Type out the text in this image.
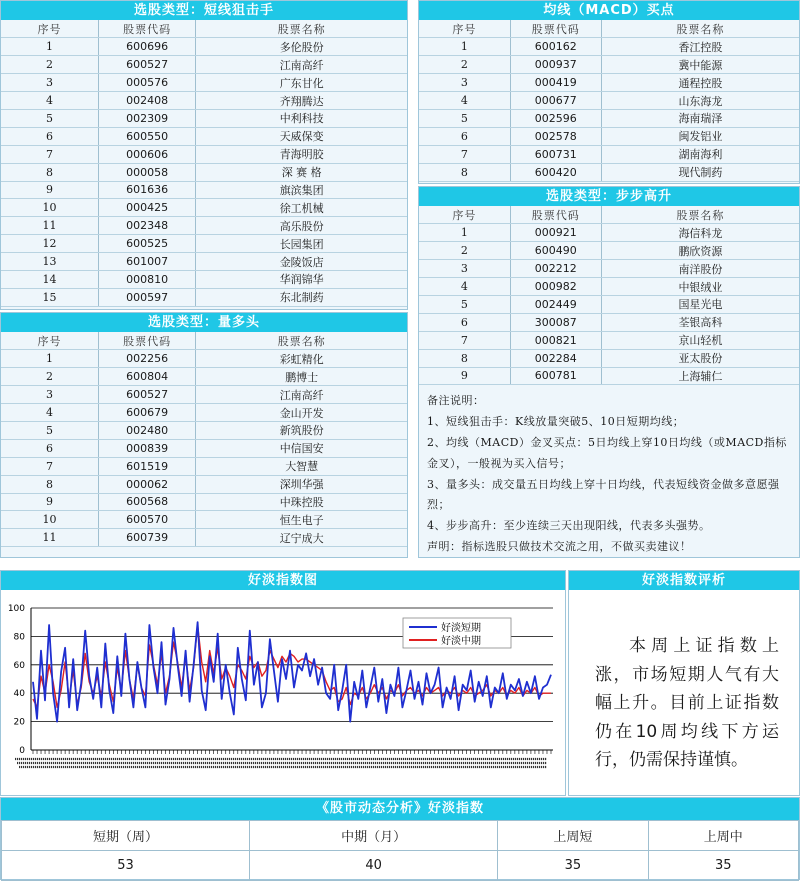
选股类型：短线狙击手
序号	股票代码	股票名称
1	600696	多伦股份
2	600527	江南高纤
3	000576	广东甘化
4	002408	齐翔腾达
5	002309	中利科技
6	600550	天威保变
7	000606	青海明胶
8	000058	深 赛 格
9	601636	旗滨集团
10	000425	徐工机械
11	002348	高乐股份
12	600525	长园集团
13	601007	金陵饭店
14	000810	华润锦华
15	000597	东北制药
选股类型：量多头
序号	股票代码	股票名称
1	002256	彩虹精化
2	600804	鹏博士
3	600527	江南高纤
4	600679	金山开发
5	002480	新筑股份
6	000839	中信国安
7	601519	大智慧
8	000062	深圳华强
9	600568	中珠控股
10	600570	恒生电子
11	600739	辽宁成大
均线（MACD）买点
序号	股票代码	股票名称
1	600162	香江控股
2	000937	冀中能源
3	000419	通程控股
4	000677	山东海龙
5	002596	海南瑞泽
6	002578	闽发铝业
7	600731	湖南海利
8	600420	现代制药
选股类型：步步高升
序号	股票代码	股票名称
1	000921	海信科龙
2	600490	鹏欣资源
3	002212	南洋股份
4	000982	中银绒业
5	002449	国星光电
6	300087	荃银高科
7	000821	京山轻机
8	002284	亚太股份
9	600781	上海辅仁
备注说明：
1、短线狙击手：K线放量突破5、10日短期均线；
2、均线（MACD）金叉买点：5日均线上穿10日均线（或MACD指标金叉），一般视为买入信号；
3、量多头：成交量五日均线上穿十日均线，代表短线资金做多意愿强烈；
4、步步高升：至少连续三天出现阳线，代表多头强势。
声明：指标选股只做技术交流之用，不做买卖建议！
好淡指数图
0
20
40
60
80
100
好淡短期
好淡中期
好淡指数评析
本周上证指数上涨，市场短期人气有大幅上升。目前上证指数仍在10周均线下方运行，仍需保持谨慎。
《股市动态分析》好淡指数
短期（周）	中期（月）	上周短	上周中
53	40	35	35
